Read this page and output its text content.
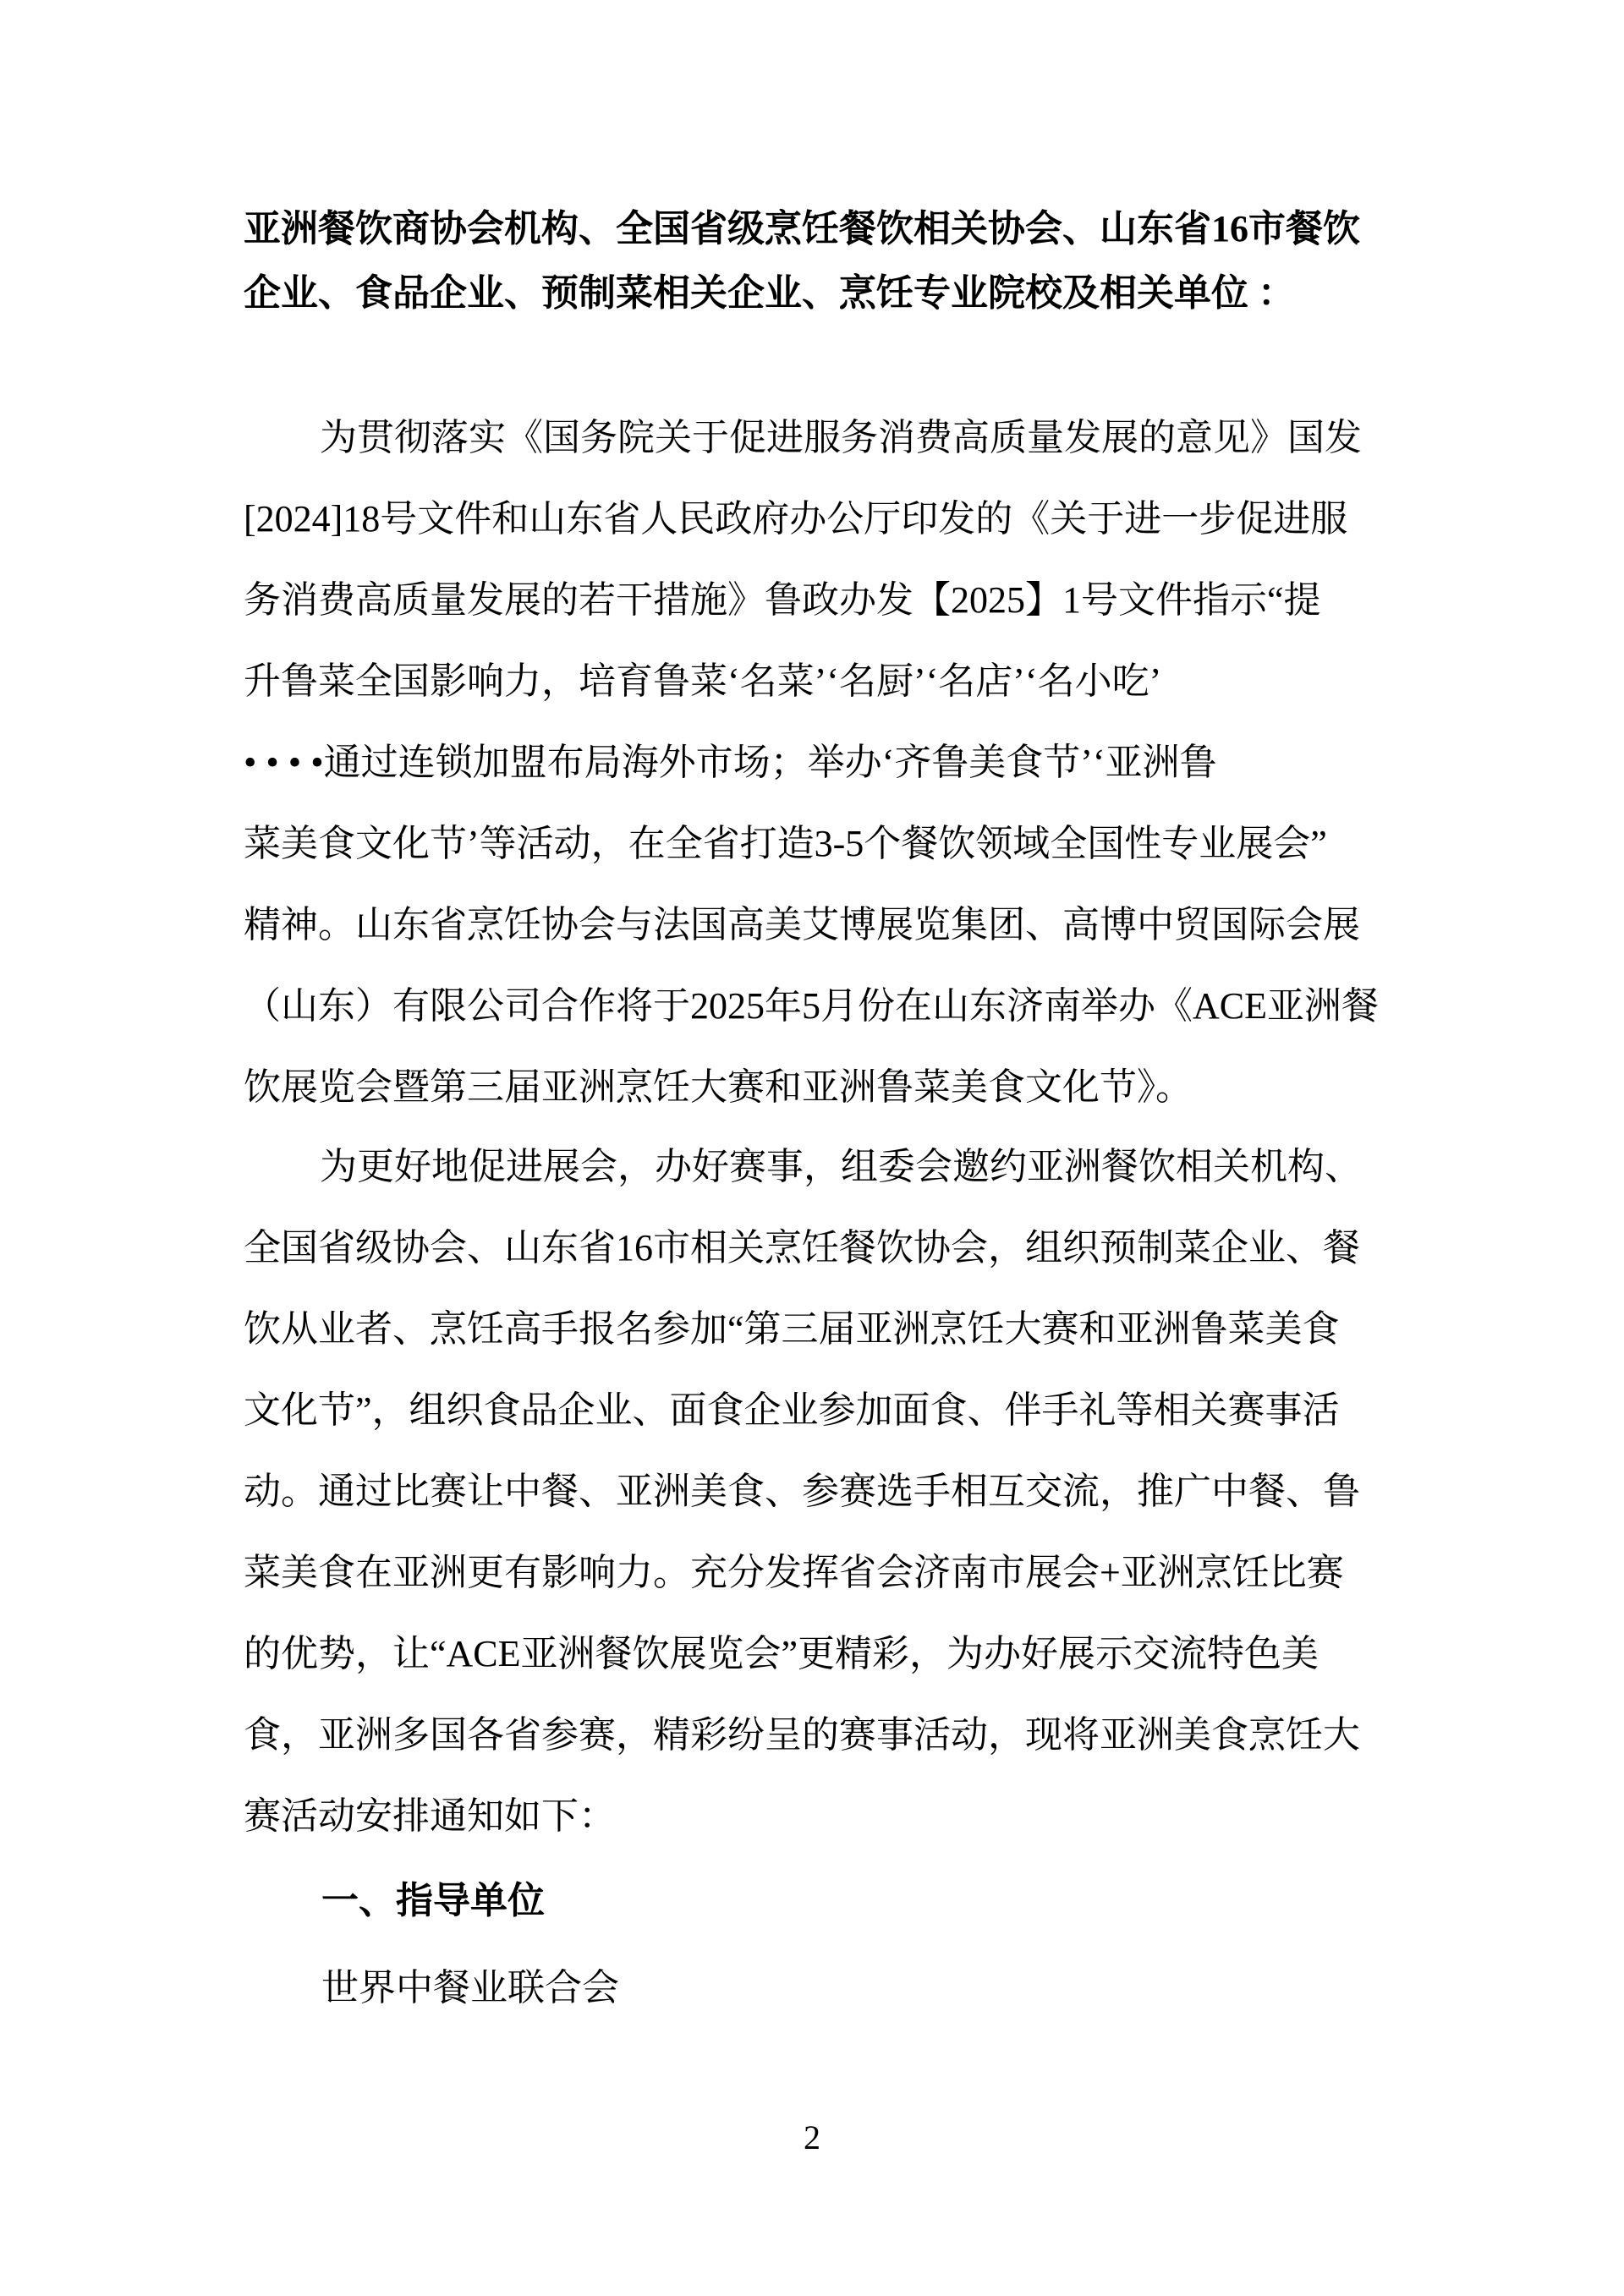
亚洲餐饮商协会机构、全国省级烹饪餐饮相关协会、山东省16市餐饮
企业、食品企业、预制菜相关企业、烹饪专业院校及相关单位 ：
为贯彻落实《国务院关于促进服务消费高质量发展的意见》国发
[2024]18号文件和山东省人民政府办公厅印发的《关于进一步促进服
务消费高质量发展的若干措施》鲁政办发【2025】1号文件指示“提
升鲁菜全国影响力，培育鲁菜‘名菜’‘名厨’‘名店’‘名小吃’
• • • •通过连锁加盟布局海外市场；举办‘齐鲁美食节’‘亚洲鲁
菜美食文化节’等活动，在全省打造3-5个餐饮领域全国性专业展会”
精神。山东省烹饪协会与法国高美艾博展览集团、高博中贸国际会展
（山东）有限公司合作将于2025年5月份在山东济南举办《ACE亚洲餐
饮展览会暨第三届亚洲烹饪大赛和亚洲鲁菜美食文化节》。
为更好地促进展会，办好赛事，组委会邀约亚洲餐饮相关机构、
全国省级协会、山东省16市相关烹饪餐饮协会，组织预制菜企业、餐
饮从业者、烹饪高手报名参加“第三届亚洲烹饪大赛和亚洲鲁菜美食
文化节”，组织食品企业、面食企业参加面食、伴手礼等相关赛事活
动。通过比赛让中餐、亚洲美食、参赛选手相互交流，推广中餐、鲁
菜美食在亚洲更有影响力。充分发挥省会济南市展会+亚洲烹饪比赛
的优势，让“ACE亚洲餐饮展览会”更精彩，为办好展示交流特色美
食，亚洲多国各省参赛，精彩纷呈的赛事活动，现将亚洲美食烹饪大
赛活动安排通知如下：
一、指导单位
世界中餐业联合会
2
